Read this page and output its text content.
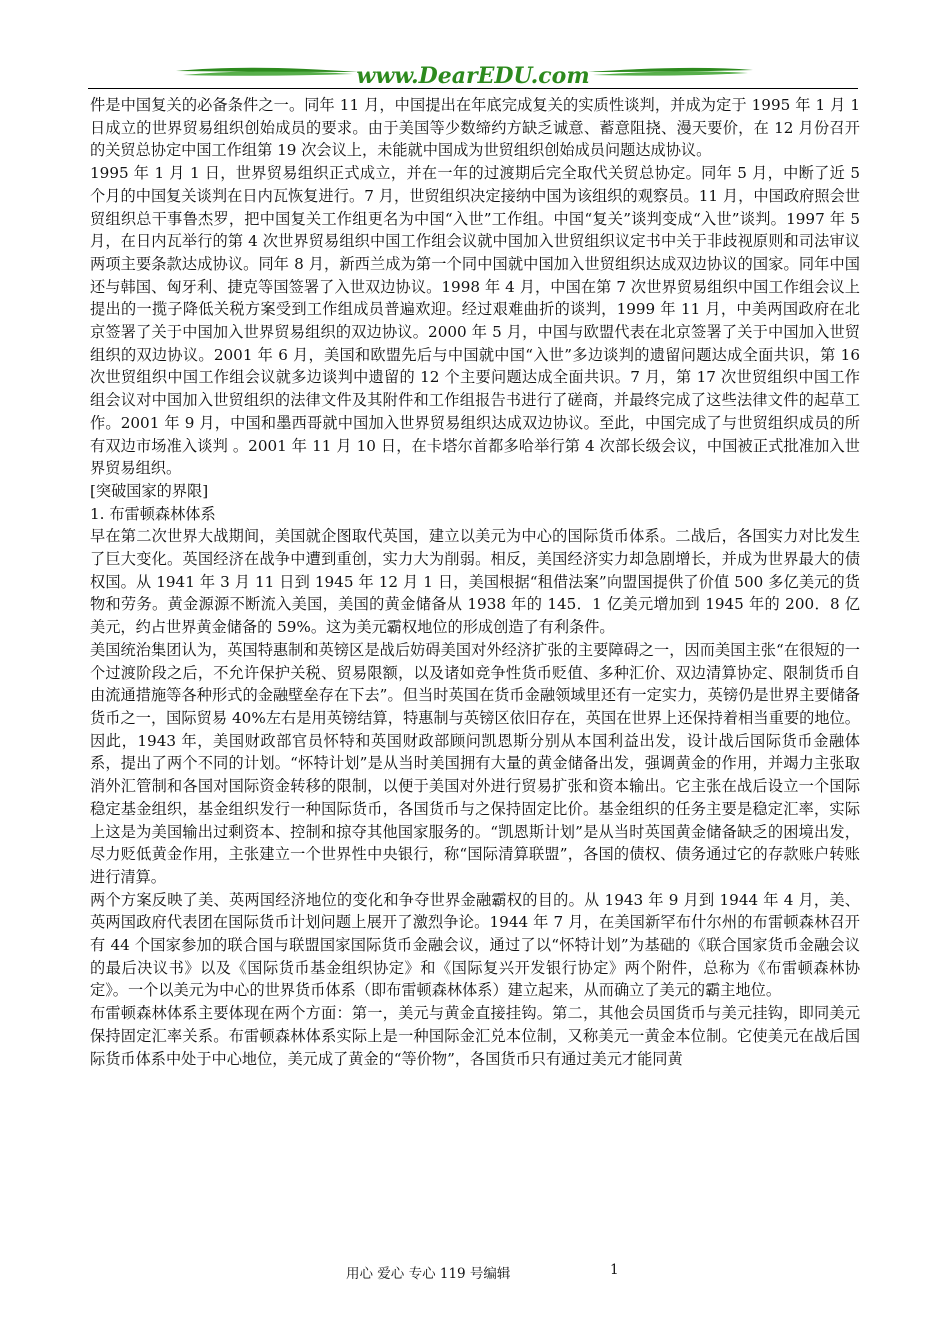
www.DearEDU.com

件是中国复关的必备条件之一。同年 11 月，中国提出在年底完成复关的实质性谈判，并成为定于 1995 年 1 月 1 日成立的世界贸易组织创始成员的要求。由于美国等少数缔约方缺乏诚意、蓄意阻挠、漫天要价，在 12 月份召开的关贸总协定中国工作组第 19 次会议上，未能就中国成为世贸组织创始成员问题达成协议。

1995 年 1 月 1 日，世界贸易组织正式成立，并在一年的过渡期后完全取代关贸总协定。同年 5 月，中断了近 5 个月的中国复关谈判在日内瓦恢复进行。7 月，世贸组织决定接纳中国为该组织的观察员。11 月，中国政府照会世贸组织总干事鲁杰罗，把中国复关工作组更名为中国“入世”工作组。中国“复关”谈判变成“入世”谈判。1997 年 5 月，在日内瓦举行的第 4 次世界贸易组织中国工作组会议就中国加入世贸组织议定书中关于非歧视原则和司法审议两项主要条款达成协议。同年 8 月，新西兰成为第一个同中国就中国加入世贸组织达成双边协议的国家。同年中国还与韩国、匈牙利、捷克等国签署了入世双边协议。1998 年 4 月，中国在第 7 次世界贸易组织中国工作组会议上提出的一揽子降低关税方案受到工作组成员普遍欢迎。经过艰难曲折的谈判，1999 年 11 月，中美两国政府在北京签署了关于中国加入世界贸易组织的双边协议。2000 年 5 月，中国与欧盟代表在北京签署了关于中国加入世贸组织的双边协议。2001 年 6 月，美国和欧盟先后与中国就中国“入世”多边谈判的遗留问题达成全面共识，第 16 次世贸组织中国工作组会议就多边谈判中遗留的 12 个主要问题达成全面共识。7 月，第 17 次世贸组织中国工作组会议对中国加入世贸组织的法律文件及其附件和工作组报告书进行了磋商，并最终完成了这些法律文件的起草工作。2001 年 9 月，中国和墨西哥就中国加入世界贸易组织达成双边协议。至此，中国完成了与世贸组织成员的所有双边市场准入谈判 。2001 年 11 月 10 日，在卡塔尔首都多哈举行第 4 次部长级会议，中国被正式批准加入世界贸易组织。

[突破国家的界限]

1. 布雷顿森林体系

早在第二次世界大战期间，美国就企图取代英国，建立以美元为中心的国际货币体系。二战后，各国实力对比发生了巨大变化。英国经济在战争中遭到重创，实力大为削弱。相反，美国经济实力却急剧增长，并成为世界最大的债权国。从 1941 年 3 月 11 日到 1945 年 12 月 1 日，美国根据“租借法案”向盟国提供了价值 500 多亿美元的货物和劳务。黄金源源不断流入美国，美国的黄金储备从 1938 年的 145．1 亿美元增加到 1945 年的 200．8 亿美元，约占世界黄金储备的 59%。这为美元霸权地位的形成创造了有利条件。

美国统治集团认为，英国特惠制和英镑区是战后妨碍美国对外经济扩张的主要障碍之一，因而美国主张“在很短的一个过渡阶段之后，不允许保护关税、贸易限额，以及诸如竞争性货币贬值、多种汇价、双边清算协定、限制货币自由流通措施等各种形式的金融壁垒存在下去”。但当时英国在货币金融领域里还有一定实力，英镑仍是世界主要储备货币之一，国际贸易 40%左右是用英镑结算，特惠制与英镑区依旧存在，英国在世界上还保持着相当重要的地位。因此，1943 年，美国财政部官员怀特和英国财政部顾问凯恩斯分别从本国利益出发，设计战后国际货币金融体系，提出了两个不同的计划。“怀特计划”是从当时美国拥有大量的黄金储备出发，强调黄金的作用，并竭力主张取消外汇管制和各国对国际资金转移的限制，以便于美国对外进行贸易扩张和资本输出。它主张在战后设立一个国际稳定基金组织，基金组织发行一种国际货币，各国货币与之保持固定比价。基金组织的任务主要是稳定汇率，实际上这是为美国输出过剩资本、控制和掠夺其他国家服务的。“凯恩斯计划”是从当时英国黄金储备缺乏的困境出发，尽力贬低黄金作用，主张建立一个世界性中央银行，称“国际清算联盟”，各国的债权、债务通过它的存款账户转账进行清算。

两个方案反映了美、英两国经济地位的变化和争夺世界金融霸权的目的。从 1943 年 9 月到 1944 年 4 月，美、英两国政府代表团在国际货币计划问题上展开了激烈争论。1944 年 7 月，在美国新罕布什尔州的布雷顿森林召开有 44 个国家参加的联合国与联盟国家国际货币金融会议，通过了以“怀特计划”为基础的《联合国家货币金融会议的最后决议书》以及《国际货币基金组织协定》和《国际复兴开发银行协定》两个附件，总称为《布雷顿森林协定》。一个以美元为中心的世界货币体系（即布雷顿森林体系）建立起来，从而确立了美元的霸主地位。

布雷顿森林体系主要体现在两个方面：第一，美元与黄金直接挂钩。第二，其他会员国货币与美元挂钩，即同美元保持固定汇率关系。布雷顿森林体系实际上是一种国际金汇兑本位制，又称美元一黄金本位制。它使美元在战后国际货币体系中处于中心地位，美元成了黄金的“等价物”，各国货币只有通过美元才能同黄

用心 爱心 专心 119 号编辑	1
